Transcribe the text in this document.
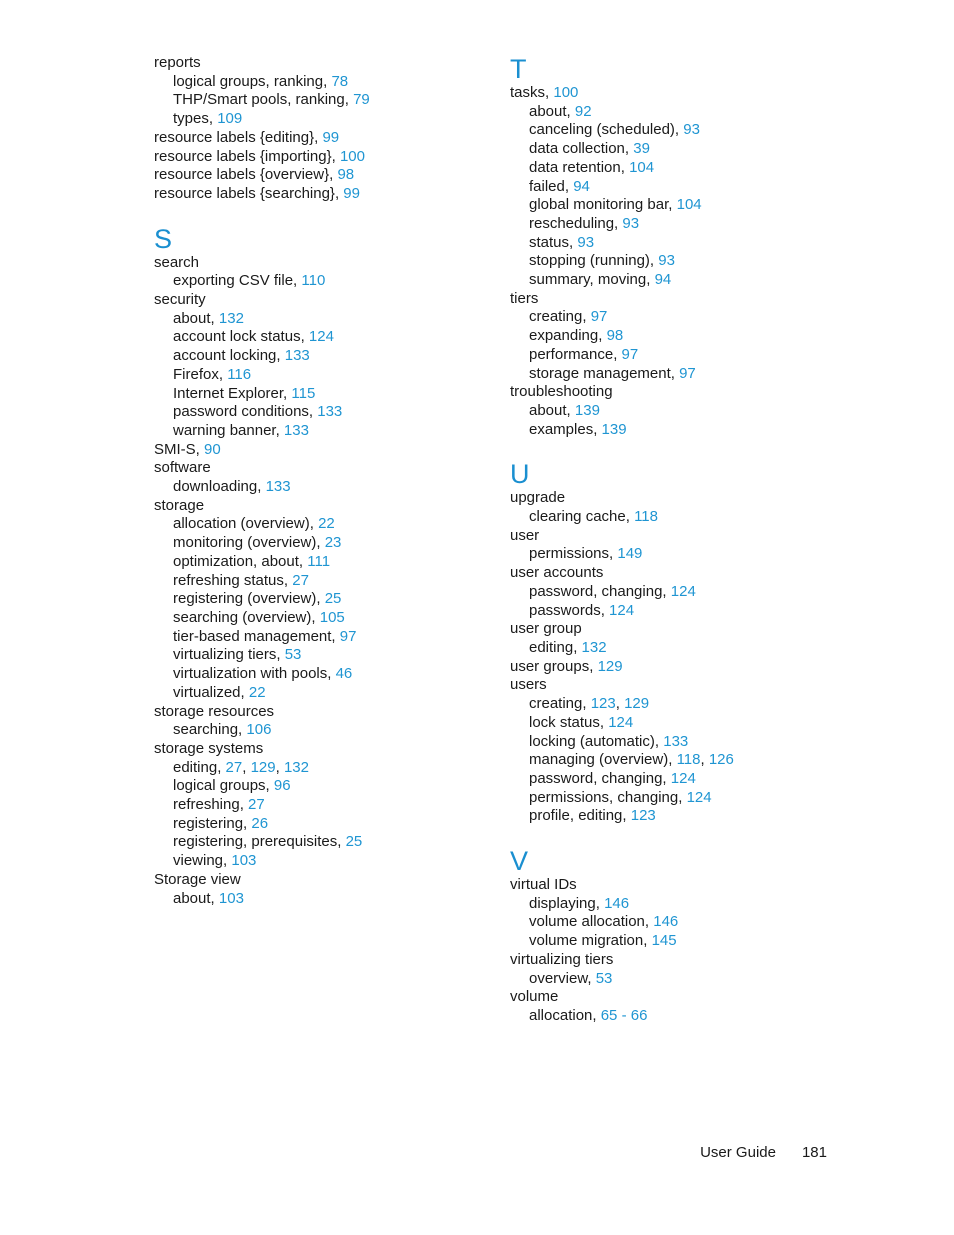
reports
logical groups, ranking, 78
THP/Smart pools, ranking, 79
types, 109
resource labels {editing}, 99
resource labels {importing}, 100
resource labels {overview}, 98
resource labels {searching}, 99
S
search
exporting CSV file, 110
security
about, 132
account lock status, 124
account locking, 133
Firefox, 116
Internet Explorer, 115
password conditions, 133
warning banner, 133
SMI-S, 90
software
downloading, 133
storage
allocation (overview), 22
monitoring (overview), 23
optimization, about, 111
refreshing status, 27
registering (overview), 25
searching (overview), 105
tier-based management, 97
virtualizing tiers, 53
virtualization with pools, 46
virtualized, 22
storage resources
searching, 106
storage systems
editing, 27, 129, 132
logical groups, 96
refreshing, 27
registering, 26
registering, prerequisites, 25
viewing, 103
Storage view
about, 103
T
tasks, 100
about, 92
canceling (scheduled), 93
data collection, 39
data retention, 104
failed, 94
global monitoring bar, 104
rescheduling, 93
status, 93
stopping (running), 93
summary, moving, 94
tiers
creating, 97
expanding, 98
performance, 97
storage management, 97
troubleshooting
about, 139
examples, 139
U
upgrade
clearing cache, 118
user
permissions, 149
user accounts
password, changing, 124
passwords, 124
user group
editing, 132
user groups, 129
users
creating, 123, 129
lock status, 124
locking (automatic), 133
managing (overview), 118, 126
password, changing, 124
permissions, changing, 124
profile, editing, 123
V
virtual IDs
displaying, 146
volume allocation, 146
volume migration, 145
virtualizing tiers
overview, 53
volume
allocation, 65 - 66
User Guide 181
